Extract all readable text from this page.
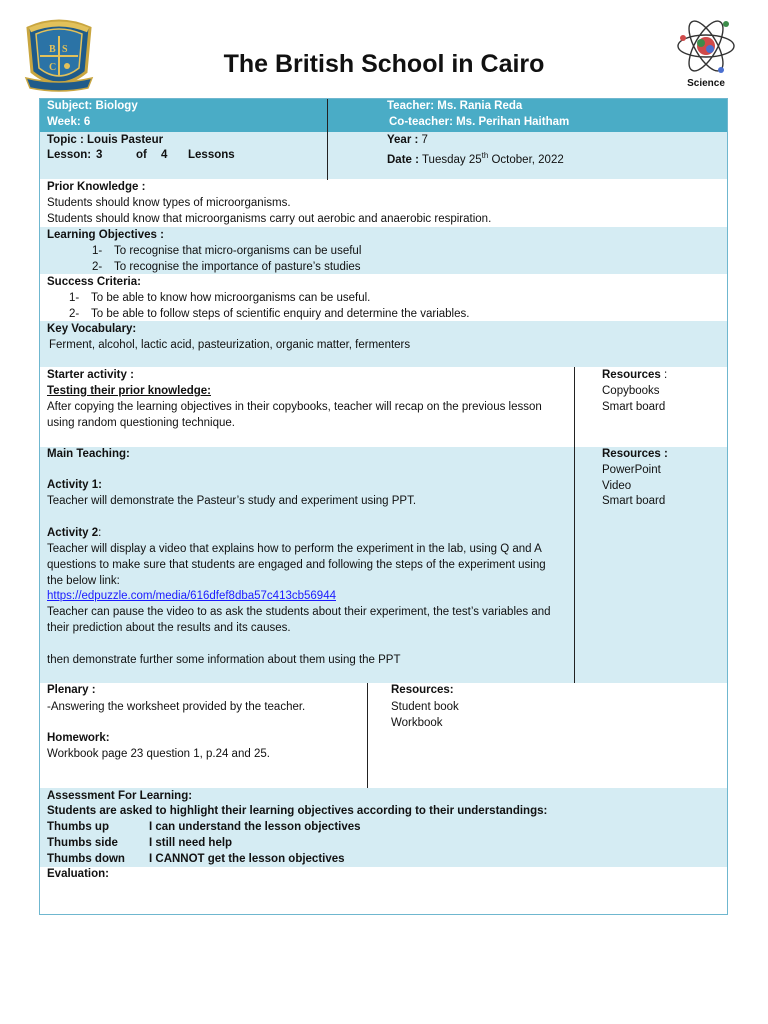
B S
C	The British School in Cairo
Science
Subject: Biology
Week: 6
Teacher: Ms. Rania Reda
Co-teacher: Ms. Perihan Haitham
Topic : Louis Pasteur
Lesson: 3	of 4 Lessons
Year : 7
Date : Tuesday 25th October, 2022
Prior Knowledge :
Students should know types of microorganisms.
Students should know that microorganisms carry out aerobic and anaerobic respiration.
Learning Objectives :
1- To recognise that micro-organisms can be useful
2- To recognise the importance of pasture’s studies
Success Criteria:
1- To be able to know how microorganisms can be useful.
2- To be able to follow steps of scientific enquiry and determine the variables.
Key Vocabulary:
Ferment, alcohol, lactic acid, pasteurization, organic matter, fermenters
Starter activity :
Testing their prior knowledge:
After copying the learning objectives in their copybooks, teacher will recap on the previous lesson
using random questioning technique.
Resources :
Copybooks
Smart board
Main Teaching:
Activity 1:
Teacher will demonstrate the Pasteur’s study and experiment using PPT.
Activity 2:
Teacher will display a video that explains how to perform the experiment in the lab, using Q and A
questions to make sure that students are engaged and following the steps of the experiment using
the below link:
https://edpuzzle.com/media/616dfef8dba57c413cb56944
Teacher can pause the video to as ask the students about their experiment, the test’s variables and
their prediction about the results and its causes.
then demonstrate further some information about them using the PPT
Resources :
PowerPoint
Video
Smart board
Plenary :
-Answering the worksheet provided by the teacher.
Homework:
Workbook page 23 question 1, p.24 and 25.
Resources:
Student book
Workbook
Assessment For Learning:
Students are asked to highlight their learning objectives according to their understandings:
Thumbs up	I can understand the lesson objectives
Thumbs side	I still need help
Thumbs down I CANNOT get the lesson objectives
Evaluation:
